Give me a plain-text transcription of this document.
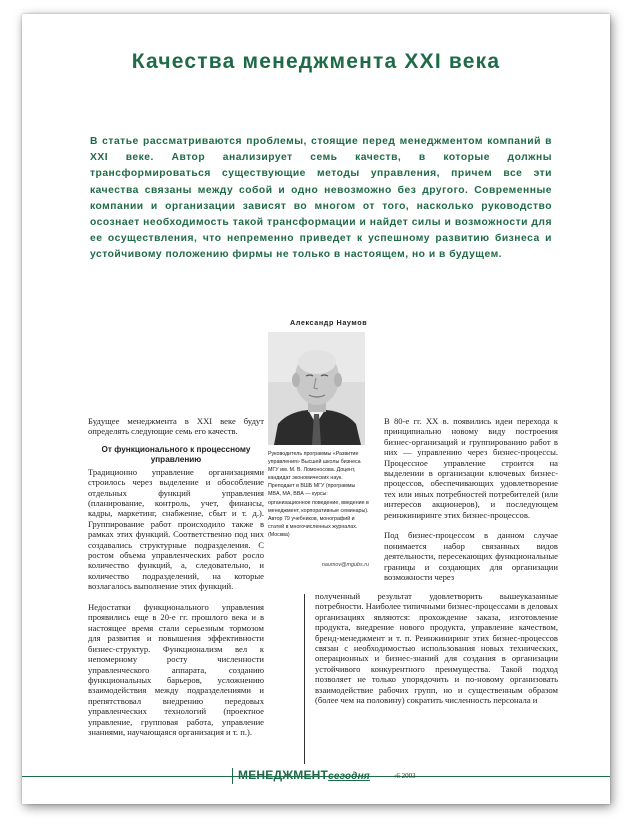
Качества менеджмента XXI века
В статье рассматриваются проблемы, стоящие перед менеджментом компаний в XXI веке. Автор анализирует семь качеств, в которые должны трансформироваться существующие методы управления, причем все эти качества связаны между собой и одно невозможно без другого. Современные компании и организации зависят во многом от того, насколько руководство осознает необходимость такой трансформации и найдет силы и возможности для ее осуществления, что непременно приведет к успешному развитию бизнеса и устойчивому положению фирмы не только в настоящем, но и в будущем.
Александр Наумов
Руководитель программы «Развитие управления» Высшей школы бизнеса МГУ им. М. В. Ломоносова. Доцент, кандидат экономических наук. Преподает в ВШБ МГУ (программы MBA, МА, ВВА — курсы: организационное поведение, введение в менеджмент, корпоративные семинары). Автор 79 учебников, монографий и статей в многочисленных журналах. (Москва)
naumov@mgubs.ru

Будущее менеджмента в XXI веке будут определять следующие семь его качеств.

От функционального к процессному управлению

Традиционно управление организациями строилось через выделение и обособление отдельных функций управления (планирование, контроль, учет, финансы, кадры, маркетинг, снабжение, сбыт и т. д.). Группирование работ происходило также в рамках этих функций. Соответственно под них создавались структурные подразделения. С ростом объема управленческих работ росло количество функций, а, следовательно, и количество подразделений, на которые возлагалось выполнение этих функций.

Недостатки функционального управления проявились еще в 20-е гг. прошлого века и в настоящее время стали серьезным тормозом для развития и повышения эффективности бизнес-структур. Функционализм вел к непомерному росту численности управленческого аппарата, созданию функциональных барьеров, усложнению взаимодействия между подразделениями и препятствовал внедрению передовых управленческих технологий (проектное управление, групповая работа, управление знаниями, научающаяся организация и т. п.).

В 80-е гг. XX в. появились идеи перехода к принципиально новому виду построения бизнес-организаций и группированию работ в них — управлению через бизнес-процессы. Процессное управление строится на выделении в организации ключевых бизнес-процессов, обеспечивающих удовлетворение тех или иных потребностей потребителей (или интересов акционеров), и последующем реинжиниринге этих бизнес-процессов.

Под бизнес-процессом в данном случае понимается набор связанных видов деятельности, пересекающих функциональные границы и создающих для организации возможности через

полученный результат удовлетворить вышеуказанные потребности. Наиболее типичными бизнес-процессами в деловых организациях являются: прохождение заказа, изготовление продукта, внедрение нового продукта, управление качеством, бренд-менеджмент и т. п. Реинжиниринг этих бизнес-процессов связан с необходимостью использования новых технических, операционных и бизнес-знаний для создания в организации устойчивого конкурентного преимущества. Такой подход позволяет не только упорядочить и по-новому организовать взаимодействие рабочих групп, но и существенным образом (более чем на половину) сократить численность персонала и

МЕНЕДЖМЕНТсегодня	‹6 2003
